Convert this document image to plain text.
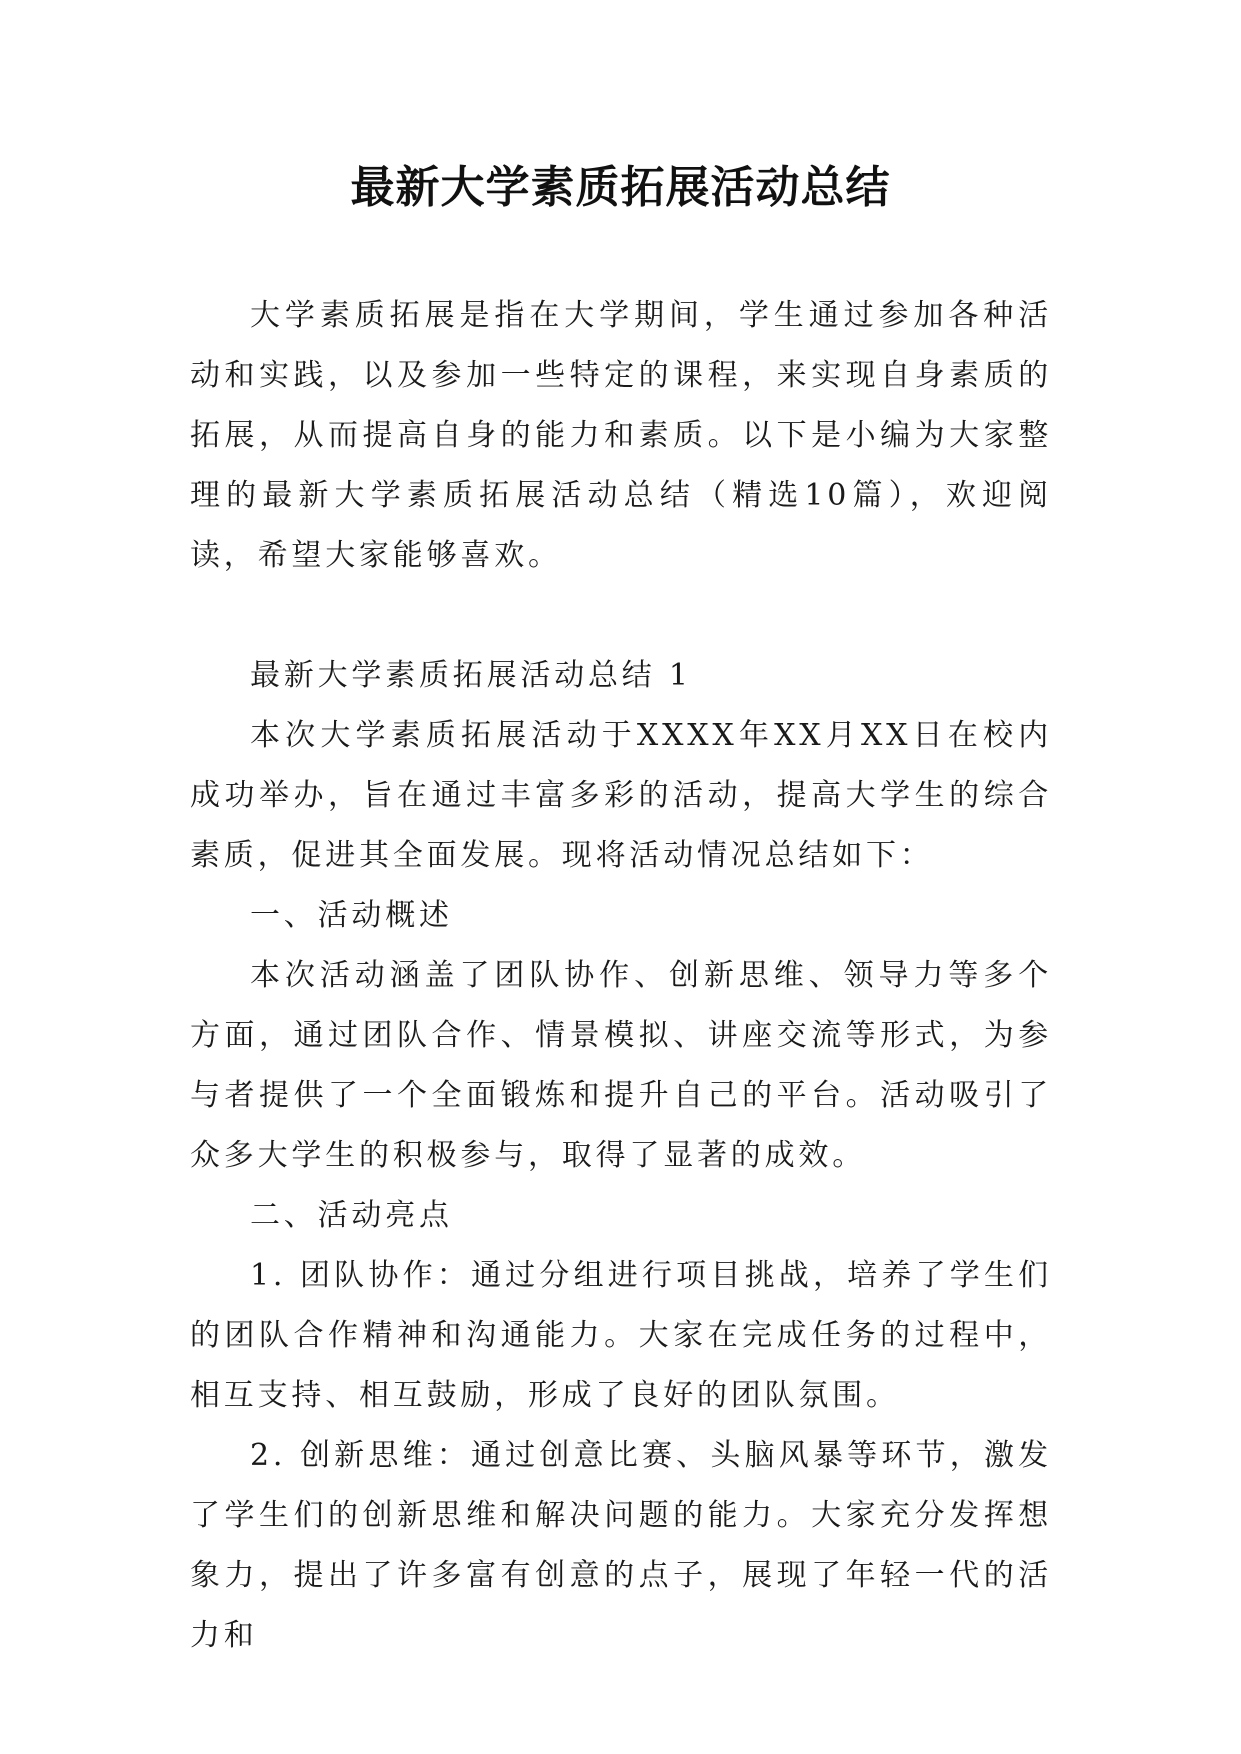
最新大学素质拓展活动总结

大学素质拓展是指在大学期间，学生通过参加各种活动和实践，以及参加一些特定的课程，来实现自身素质的拓展，从而提高自身的能力和素质。以下是小编为大家整理的最新大学素质拓展活动总结（精选10篇），欢迎阅读，希望大家能够喜欢。

最新大学素质拓展活动总结 1

本次大学素质拓展活动于XXXX年XX月XX日在校内成功举办，旨在通过丰富多彩的活动，提高大学生的综合素质，促进其全面发展。现将活动情况总结如下：

一、活动概述

本次活动涵盖了团队协作、创新思维、领导力等多个方面，通过团队合作、情景模拟、讲座交流等形式，为参与者提供了一个全面锻炼和提升自己的平台。活动吸引了众多大学生的积极参与，取得了显著的成效。

二、活动亮点

1. 团队协作：通过分组进行项目挑战，培养了学生们的团队合作精神和沟通能力。大家在完成任务的过程中，相互支持、相互鼓励，形成了良好的团队氛围。

2. 创新思维：通过创意比赛、头脑风暴等环节，激发了学生们的创新思维和解决问题的能力。大家充分发挥想象力，提出了许多富有创意的点子，展现了年轻一代的活力和
